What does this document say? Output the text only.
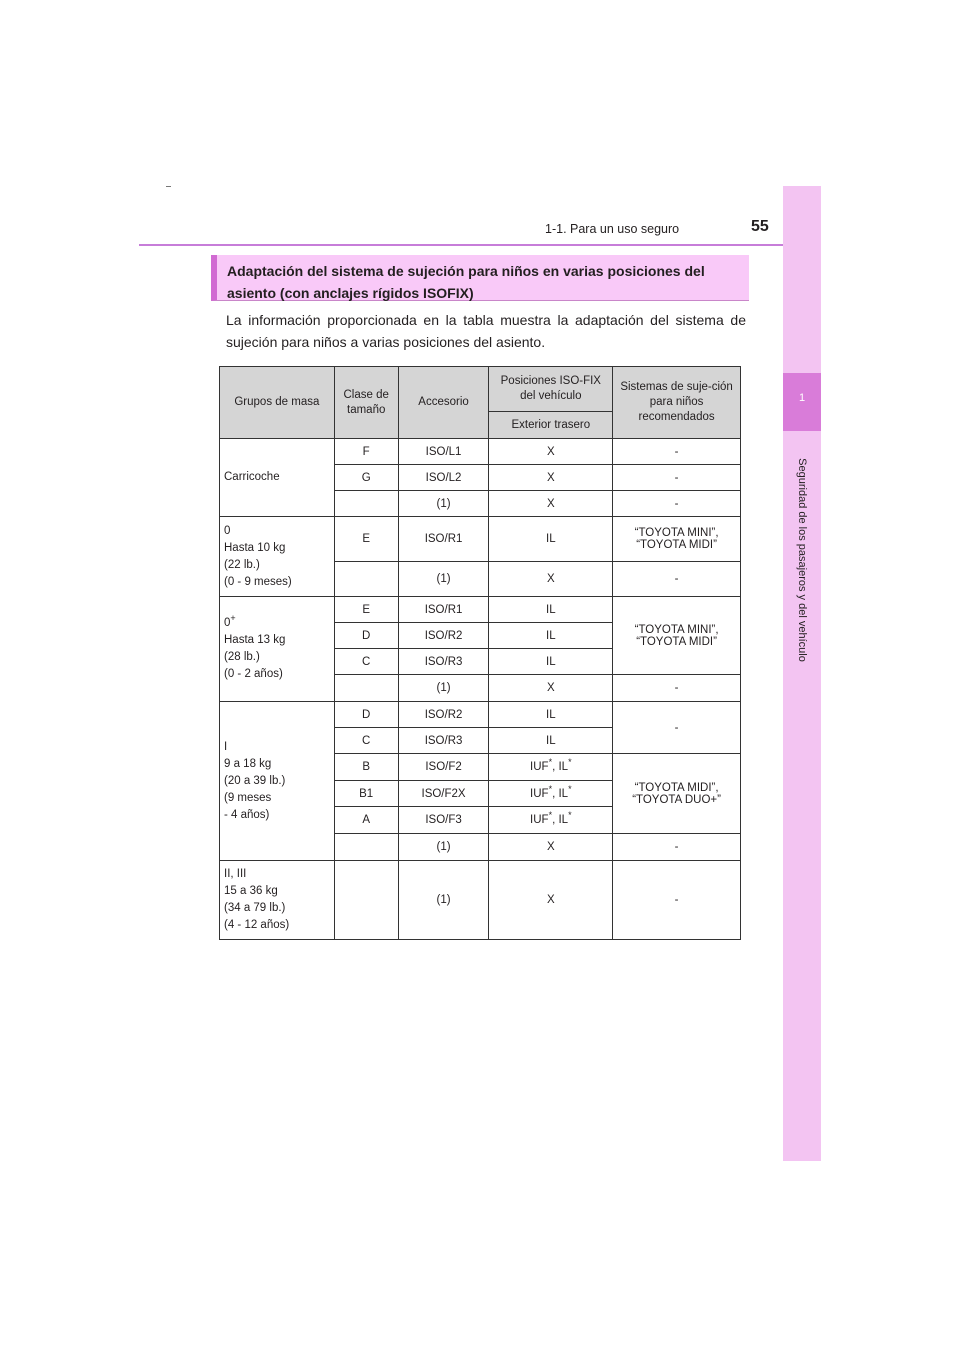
1-1. Para un uso seguro	55
1
Seguridad de los pasajeros y del vehículo
Adaptación del sistema de sujeción para niños en varias posiciones del asiento (con anclajes rígidos ISOFIX)
La información proporcionada en la tabla muestra la adaptación del sistema de sujeción para niños a varias posiciones del asiento.
Grupos de masa	Clase de tamaño	Accesorio	Posiciones ISO-FIX del vehículo	Sistemas de suje-ción para niños recomendados
			Exterior trasero	
Carricoche	F	ISO/L1	X	-
	G	ISO/L2	X	-
		(1)	X	-
0
Hasta 10 kg
(22 lb.)
(0 - 9 meses)	E	ISO/R1	IL	“TOYOTA MINI”,
“TOYOTA MIDI”
		(1)	X	-
0+
Hasta 13 kg
(28 lb.)
(0 - 2 años)	E	ISO/R1	IL	“TOYOTA MINI”,
“TOYOTA MIDI”
	D	ISO/R2	IL	
	C	ISO/R3	IL	
		(1)	X	-
I
9 a 18 kg
(20 a 39 lb.)
(9 meses
- 4 años)	D	ISO/R2	IL	-
	C	ISO/R3	IL	
	B	ISO/F2	IUF*, IL*	“TOYOTA MIDI”,
“TOYOTA DUO+”
	B1	ISO/F2X	IUF*, IL*
	A	ISO/F3	IUF*, IL*
		(1)	X	-
II, III
15 a 36 kg
(34 a 79 lb.)
(4 - 12 años)		(1)	X	-
